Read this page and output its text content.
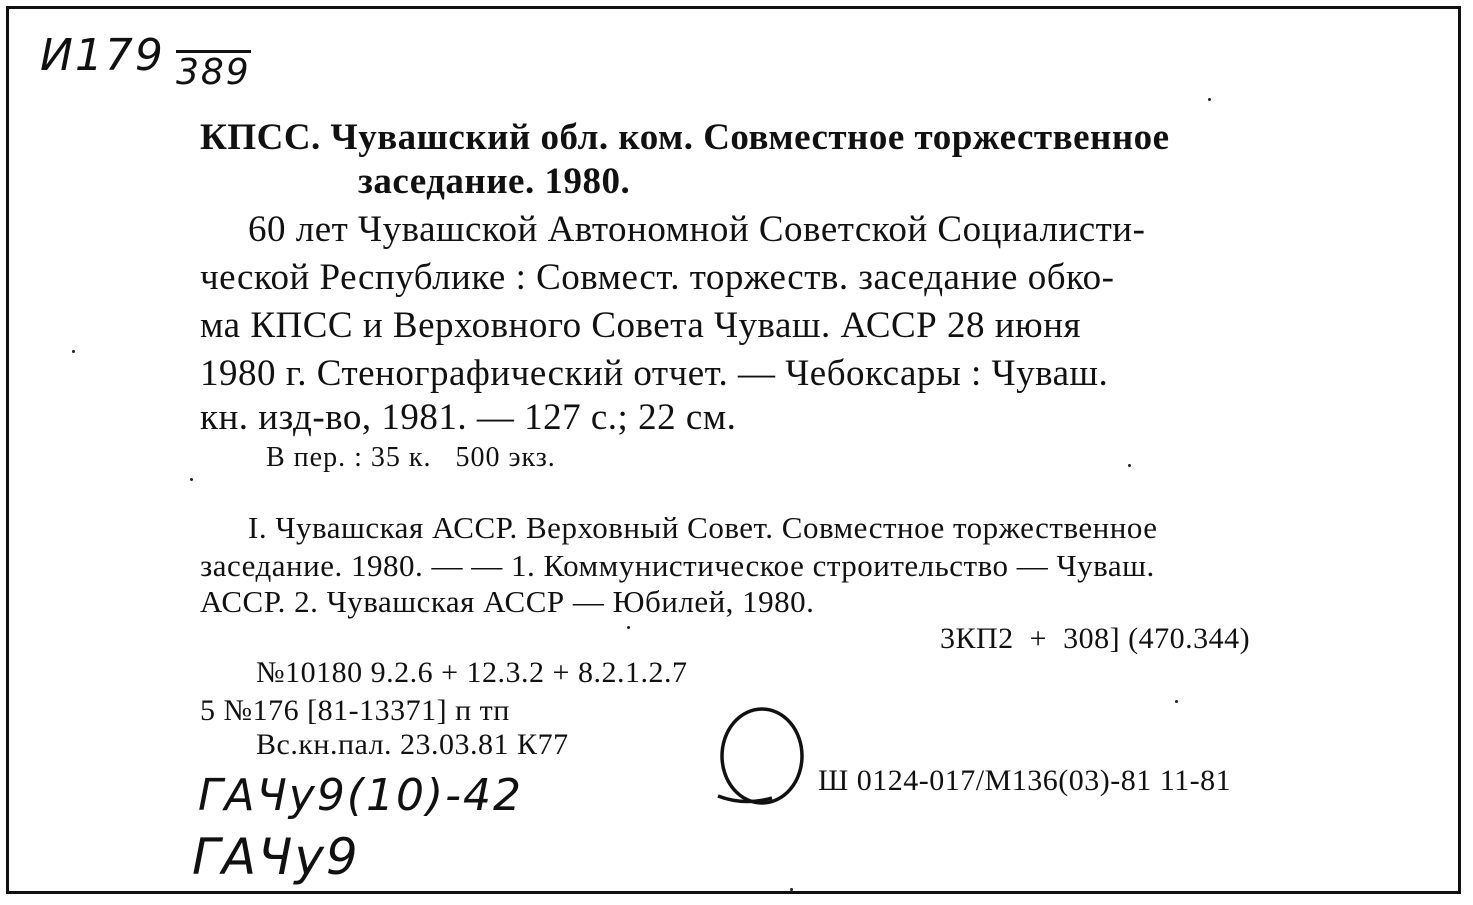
И179 389
КПСС. Чувашский обл. ком. Совместное торжественное
заседание. 1980.
60 лет Чувашской Автономной Советской Социалисти-
ческой Республике : Совмест. торжеств. заседание обко-
ма КПСС и Верховного Совета Чуваш. АССР 28 июня
1980 г. Стенографический отчет. — Чебоксары : Чуваш.
кн. изд-во, 1981. — 127 с.; 22 см.
В пер. : 35 к.   500 экз.
I. Чувашская АССР. Верховный Совет. Совместное торжественное
заседание. 1980. — — 1. Коммунистическое строительство — Чуваш.
АССР. 2. Чувашская АССР — Юбилей, 1980.
3КП2  +  308] (470.344)
№10180 9.2.6 + 12.3.2 + 8.2.1.2.7
5 №176 [81-13371] п тп
Вс.кн.пал. 23.03.81 К77
Ш 0124-017/М136(03)-81 11-81
ГАЧу9(10)-42
ГАЧу9
